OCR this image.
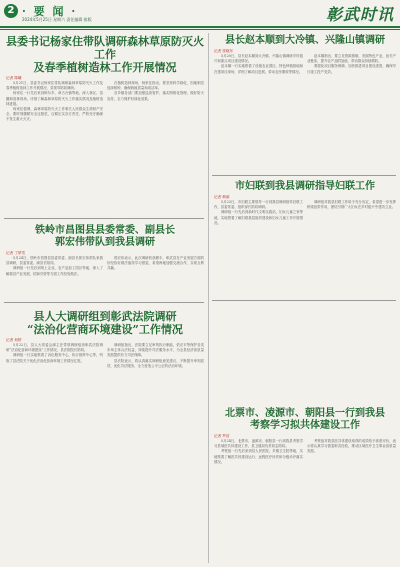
2 · 要 闻 ·
2024年5月25日 星期六 责任编辑 排版	彰武时讯
县委书记杨家住带队调研森林草原防灭火工作
及春季植树造林工作开展情况
记者 陈曦

5月21日，县委书记杨家住带队调研森林草原防灭火工作及春季植树造林工作开展情况，县领导陪同调研。

杨家住一行先后来到阿尔乡、章古台镇等地，深入林区、苗圃和造林现场，详细了解森林草原防灭火工作落实情况及植树造林进展。

杨家住强调，森林草原防灭火工作事关人民群众生命财产安全，要时刻绷紧安全这根弦，压紧压实各方责任，严防死守确保不发生重大火灾。

在植树造林现场，杨家住指出，要坚持科学绿化，因地制宜选择树种，确保栽植质量和成活率。

各乡镇各部门要加强巡查管护，落实网格化管理，做好防火宣传，全力保护好绿化成果。

铁岭市昌图县县委常委、副县长
郭宏伟带队到我县调研
记者 丁梦雪

5月24日，铁岭市昌图县县委常委、副县长郭宏伟带队来我县调研，县委常委、副县长陪同。

调研组一行先后到规上企业、农产品加工园区等地，深入了解我县产业发展、招商引资等方面工作经验做法。

郭宏伟表示，此次调研收获颇丰，彰武县在产业发展方面的好经验好做法值得学习借鉴，希望两地加强交流合作，实现互利共赢。

县人大调研组到彰武法院调研
“法治化营商环境建设”工作情况
记者 何婷

5月22日，县人大常委会副主任带领调研组到彰武法院调研“法治化营商环境建设”工作情况，县法院院长陪同。

调研组一行实地察看了诉讼服务中心、执行指挥中心等，听取了县法院关于优化法治化营商环境工作情况汇报。

调研组指出，法院要立足审判执行职能，依法平等保护各类市场主体合法权益，持续提升司法服务水平，为全县经济高质量发展提供有力司法保障。

县法院表示，将认真落实调研组意见建议，不断提升审判质效，优化司法服务，全力营造公平公正的法治环境。

县长赵本顺到大冷镇、兴隆山镇调研
记者 张晓东

5月20日，县长赵本顺到大冷镇、兴隆山镇调研乡村振兴和重点项目建设情况。

赵本顺一行实地察看了设施农业园区、特色种植基地和在建项目现场，详细了解项目进展、带动农民增收等情况。

赵本顺指出，要立足资源禀赋，发展特色产业，延长产业链条，提升农产品附加值，带动群众持续增收。

要强化项目服务保障，加快推进项目建设进度，确保早日竣工投产见效。

市妇联到我县调研指导妇联工作
记者 韩丽

5月23日，市妇联主要领导一行到我县调研指导妇联工作，县委常委、组织部长陪同调研。

调研组一行先后到新时代文明实践站、妇女儿童之家等地，实地察看了解妇联基层组织建设和妇女儿童工作开展情况。

调研组对我县妇联工作给予充分肯定，希望进一步发挥桥梁纽带作用，团结引领广大妇女在乡村振兴中建功立业。

北票市、凌源市、朝阳县一行到我县
考察学习拟共体建设工作
记者 罗浩

5月24日，北票市、凌源市、朝阳县一行到我县考察学习县域医共体建设工作，县卫健局负责同志陪同。

考察组一行先后来到县人民医院、乡镇卫生院等地，实地察看了解医共体建设运行、远程医疗协作和分级诊疗落实情况。

考察组对我县医共体建设取得的成效给予高度评价，表示将认真学习借鉴彰武经验，推动区域医疗卫生事业高质量发展。
